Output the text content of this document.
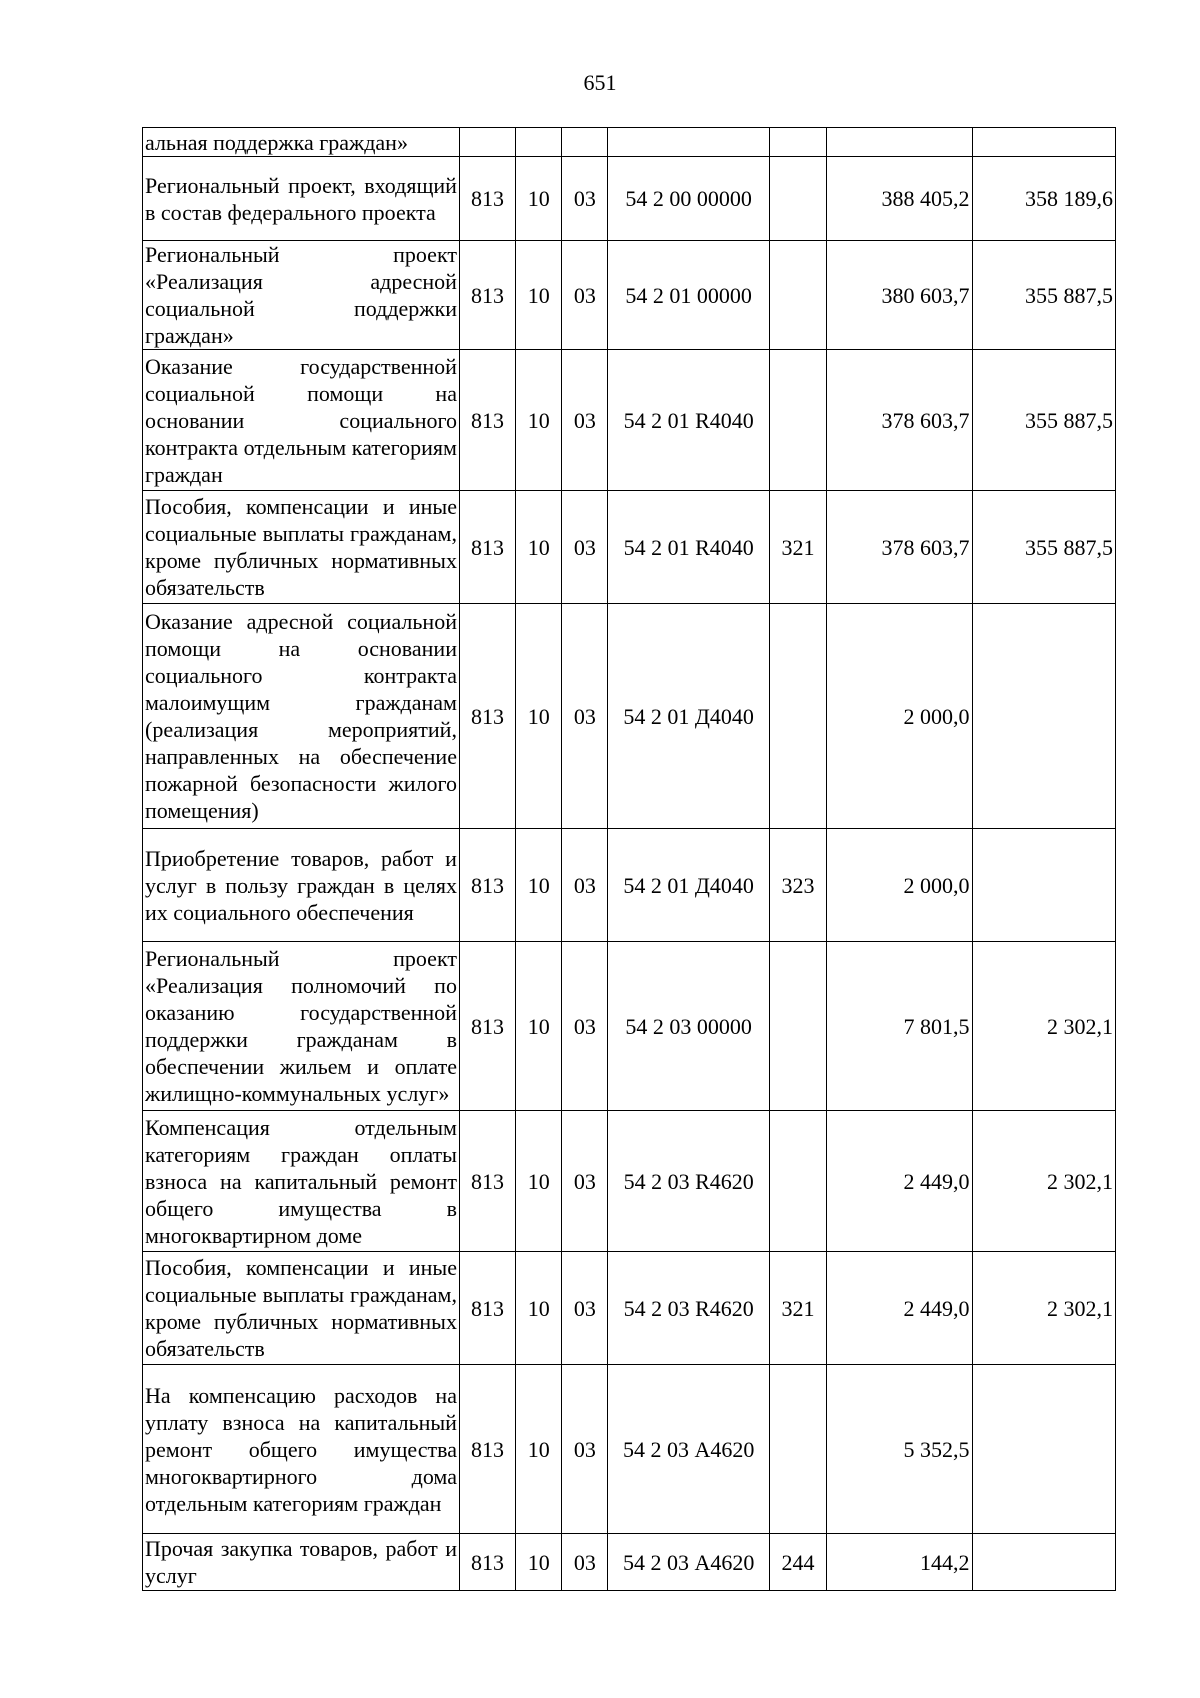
651
альная поддержка граждан»							
Региональный проект, входящий в состав федерального проекта	813	10	03	54 2 00 00000		388 405,2	358 189,6
Региональный проект «Реализация адресной социальной поддержки граждан»	813	10	03	54 2 01 00000		380 603,7	355 887,5
Оказание государственной социальной помощи на основании социального контракта отдельным категориям граждан	813	10	03	54 2 01 R4040		378 603,7	355 887,5
Пособия, компенсации и иные социальные выплаты гражданам, кроме публичных нормативных обязательств	813	10	03	54 2 01 R4040	321	378 603,7	355 887,5
Оказание адресной социальной помощи на основании социального контракта малоимущим гражданам (реализация мероприятий, направленных на обеспечение пожарной безопасности жилого помещения)	813	10	03	54 2 01 Д4040		2 000,0	
Приобретение товаров, работ и услуг в пользу граждан в целях их социального обеспечения	813	10	03	54 2 01 Д4040	323	2 000,0	
Региональный проект «Реализация полномочий по оказанию государственной поддержки гражданам в обеспечении жильем и оплате жилищно-коммунальных услуг»	813	10	03	54 2 03 00000		7 801,5	2 302,1
Компенсация отдельным категориям граждан оплаты взноса на капитальный ремонт общего имущества в многоквартирном доме	813	10	03	54 2 03 R4620		2 449,0	2 302,1
Пособия, компенсации и иные социальные выплаты гражданам, кроме публичных нормативных обязательств	813	10	03	54 2 03 R4620	321	2 449,0	2 302,1
На компенсацию расходов на уплату взноса на капитальный ремонт общего имущества многоквартирного дома отдельным категориям граждан	813	10	03	54 2 03 А4620		5 352,5	
Прочая закупка товаров, работ и услуг	813	10	03	54 2 03 А4620	244	144,2	
